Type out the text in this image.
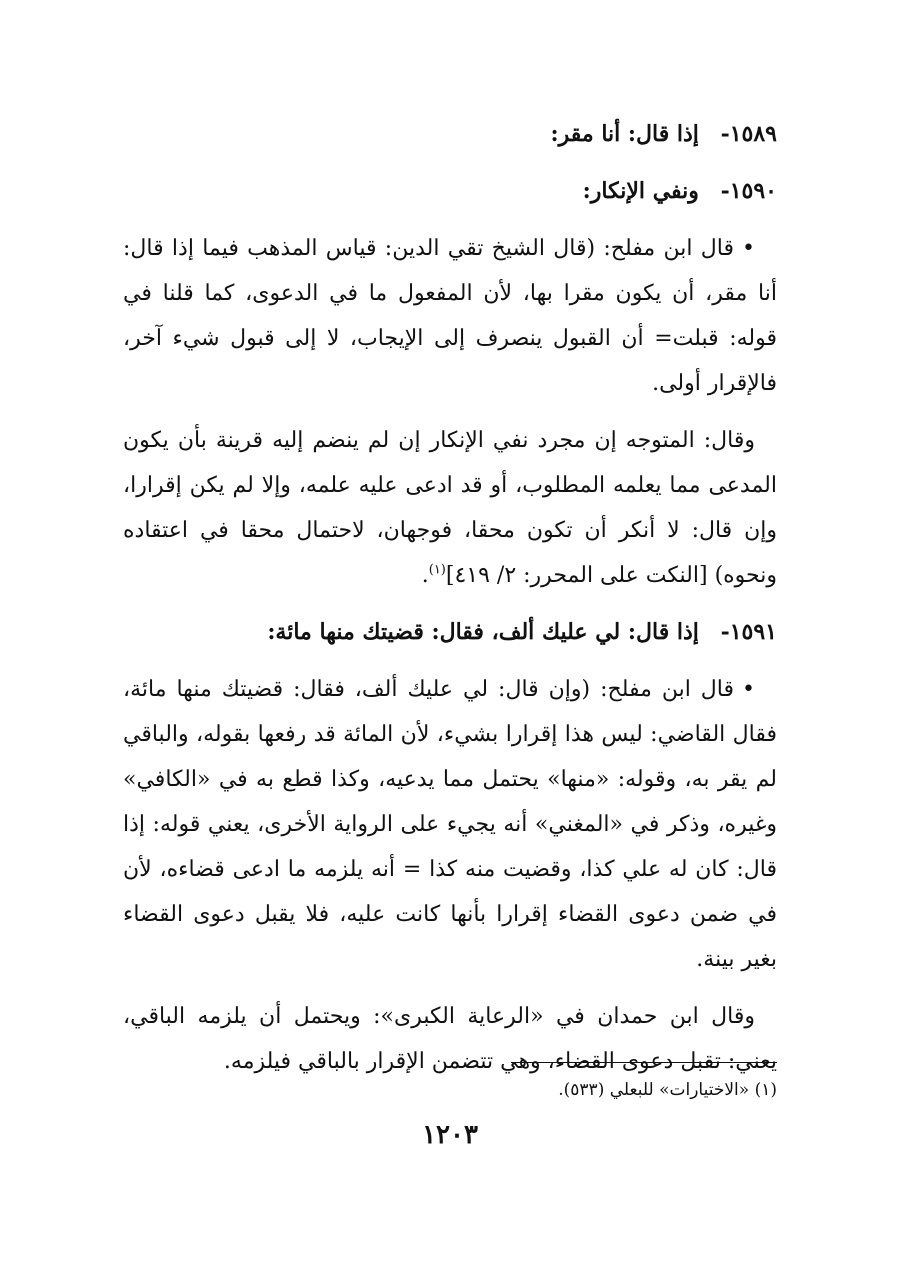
١٥٨٩- إذا قال: أنا مقر:
١٥٩٠- ونفي الإنكار:

•قال ابن مفلح: (قال الشيخ تقي الدين: قياس المذهب فيما إذا قال: أنا مقر، أن يكون مقرا بها، لأن المفعول ما في الدعوى، كما قلنا في قوله: قبلت= أن القبول ينصرف إلى الإيجاب، لا إلى قبول شيء آخر، فالإقرار أولى.

وقال: المتوجه إن مجرد نفي الإنكار إن لم ينضم إليه قرينة بأن يكون المدعى مما يعلمه المطلوب، أو قد ادعى عليه علمه، وإلا لم يكن إقرارا، وإن قال: لا أنكر أن تكون محقا، فوجهان، لاحتمال محقا في اعتقاده ونحوه) [النكت على المحرر: ٢/ ٤١٩]$^{(١)}$.

١٥٩١- إذا قال: لي عليك ألف، فقال: قضيتك منها مائة:

•قال ابن مفلح: (وإن قال: لي عليك ألف، فقال: قضيتك منها مائة، فقال القاضي: ليس هذا إقرارا بشيء، لأن المائة قد رفعها بقوله، والباقي لم يقر به، وقوله: «منها» يحتمل مما يدعيه، وكذا قطع به في «الكافي» وغيره، وذكر في «المغني» أنه يجيء على الرواية الأخرى، يعني قوله: إذا قال: كان له علي كذا، وقضيت منه كذا = أنه يلزمه ما ادعى قضاءه، لأن في ضمن دعوى القضاء إقرارا بأنها كانت عليه، فلا يقبل دعوى القضاء بغير بينة.

وقال ابن حمدان في «الرعاية الكبرى»: ويحتمل أن يلزمه الباقي، يعني: تقبل دعوى القضاء، وهي تتضمن الإقرار بالباقي فيلزمه.

(١) «الاختيارات» للبعلي (٥٣٣).
١٢٠٣
